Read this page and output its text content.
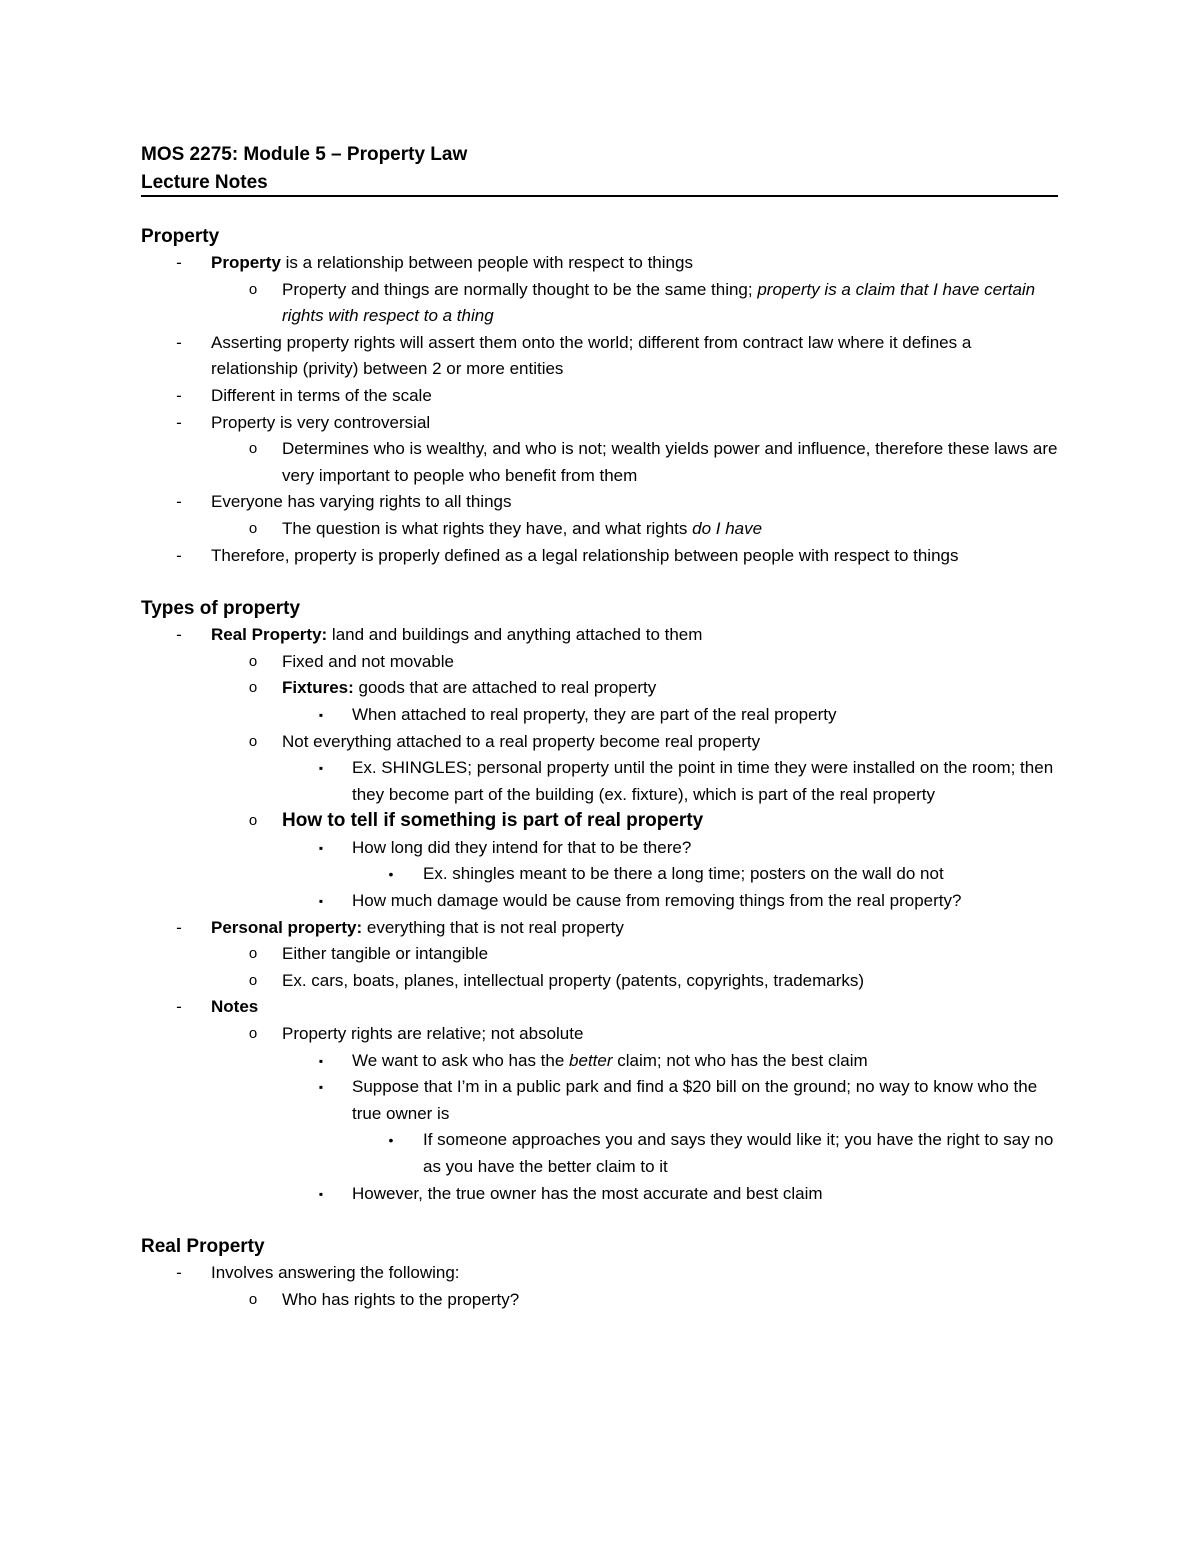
MOS 2275: Module 5 – Property Law
Lecture Notes
Property
-	Property is a relationship between people with respect to things
o	Property and things are normally thought to be the same thing; property is a claim that I have certain rights with respect to a thing
-	Asserting property rights will assert them onto the world; different from contract law where it defines a relationship (privity) between 2 or more entities
-	Different in terms of the scale
-	Property is very controversial
o	Determines who is wealthy, and who is not; wealth yields power and influence, therefore these laws are very important to people who benefit from them
-	Everyone has varying rights to all things
o	The question is what rights they have, and what rights do I have
-	Therefore, property is properly defined as a legal relationship between people with respect to things
Types of property
-	Real Property: land and buildings and anything attached to them
o	Fixed and not movable
o	Fixtures: goods that are attached to real property
▪	When attached to real property, they are part of the real property
o	Not everything attached to a real property become real property
▪	Ex. SHINGLES; personal property until the point in time they were installed on the room; then they become part of the building (ex. fixture), which is part of the real property
o	How to tell if something is part of real property
▪	How long did they intend for that to be there?
•	Ex. shingles meant to be there a long time; posters on the wall do not
▪	How much damage would be cause from removing things from the real property?
-	Personal property: everything that is not real property
o	Either tangible or intangible
o	Ex. cars, boats, planes, intellectual property (patents, copyrights, trademarks)
-	Notes
o	Property rights are relative; not absolute
▪	We want to ask who has the better claim; not who has the best claim
▪	Suppose that I’m in a public park and find a $20 bill on the ground; no way to know who the true owner is
•	If someone approaches you and says they would like it; you have the right to say no as you have the better claim to it
▪	However, the true owner has the most accurate and best claim
Real Property
-	Involves answering the following:
o	Who has rights to the property?
